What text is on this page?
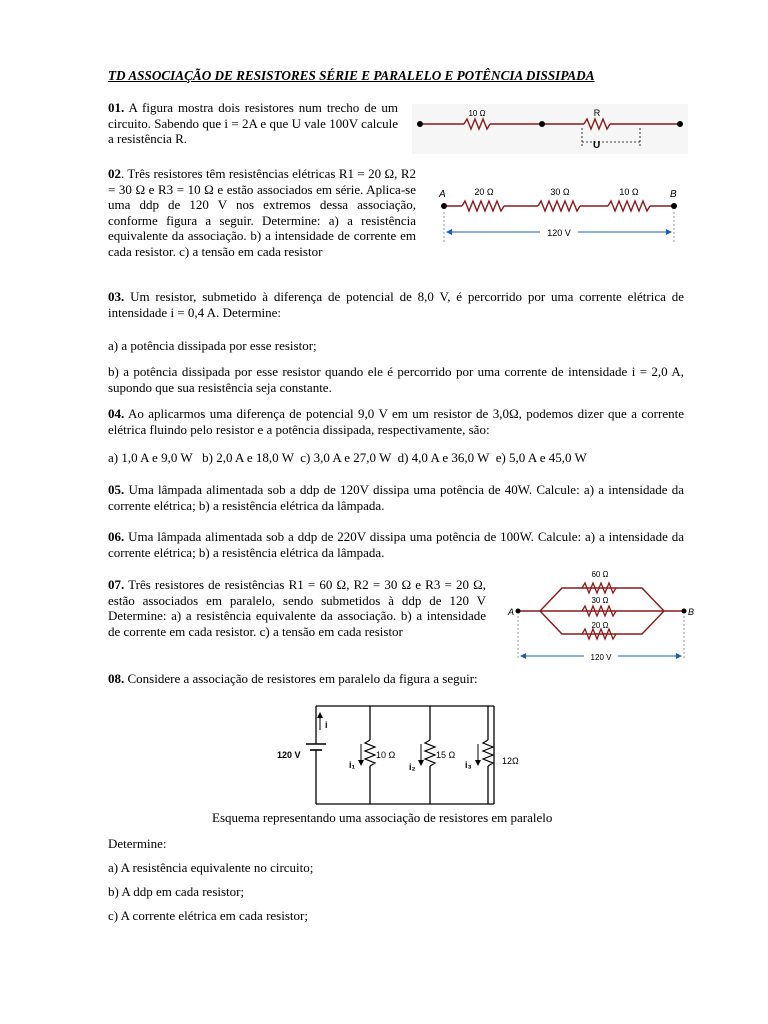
TD ASSOCIAÇÃO DE RESISTORES SÉRIE E PARALELO E POTÊNCIA DISSIPADA
01. A figura mostra dois resistores num trecho de um circuito. Sabendo que i = 2A e que U vale 100V calcule a resistência R.
10 Ω	R
U
02. Três resistores têm resistências elétricas R1 = 20 Ω, R2 = 30 Ω e R3 = 10 Ω e estão associados em série. Aplica-se uma ddp de 120 V nos extremos dessa associação, conforme figura a seguir. Determine: a) a resistência equivalente da associação. b) a intensidade de corrente em cada resistor. c) a tensão em cada resistor
A	B
20 Ω	30 Ω	10 Ω
120 V
03. Um resistor, submetido à diferença de potencial de 8,0 V, é percorrido por uma corrente elétrica de intensidade i = 0,4 A. Determine:
a) a potência dissipada por esse resistor;
b) a potência dissipada por esse resistor quando ele é percorrido por uma corrente de intensidade i = 2,0 A, supondo que sua resistência seja constante.
04. Ao aplicarmos uma diferença de potencial 9,0 V em um resistor de 3,0Ω, podemos dizer que a corrente elétrica fluindo pelo resistor e a potência dissipada, respectivamente, são:
a) 1,0 A e 9,0 W   b) 2,0 A e 18,0 W  c) 3,0 A e 27,0 W  d) 4,0 A e 36,0 W  e) 5,0 A e 45,0 W
05. Uma lâmpada alimentada sob a ddp de 120V dissipa uma potência de 40W. Calcule: a) a intensidade da corrente elétrica; b) a resistência elétrica da lâmpada.
06. Uma lâmpada alimentada sob a ddp de 220V dissipa uma potência de 100W. Calcule: a) a intensidade da corrente elétrica; b) a resistência elétrica da lâmpada.
07. Três resistores de resistências R1 = 60 Ω, R2 = 30 Ω e R3 = 20 Ω, estão associados em paralelo, sendo submetidos à ddp de 120 V Determine: a) a resistência equivalente da associação. b) a intensidade de corrente em cada resistor. c) a tensão em cada resistor
A	B
60 Ω
30 Ω
20 Ω
120 V
08. Considere a associação de resistores em paralelo da figura a seguir:
120 V
i
i₁
10 Ω
i₂
15 Ω
i₃	12Ω
Esquema representando uma associação de resistores em paralelo
Determine:
a) A resistência equivalente no circuito;
b) A ddp em cada resistor;
c) A corrente elétrica em cada resistor;
